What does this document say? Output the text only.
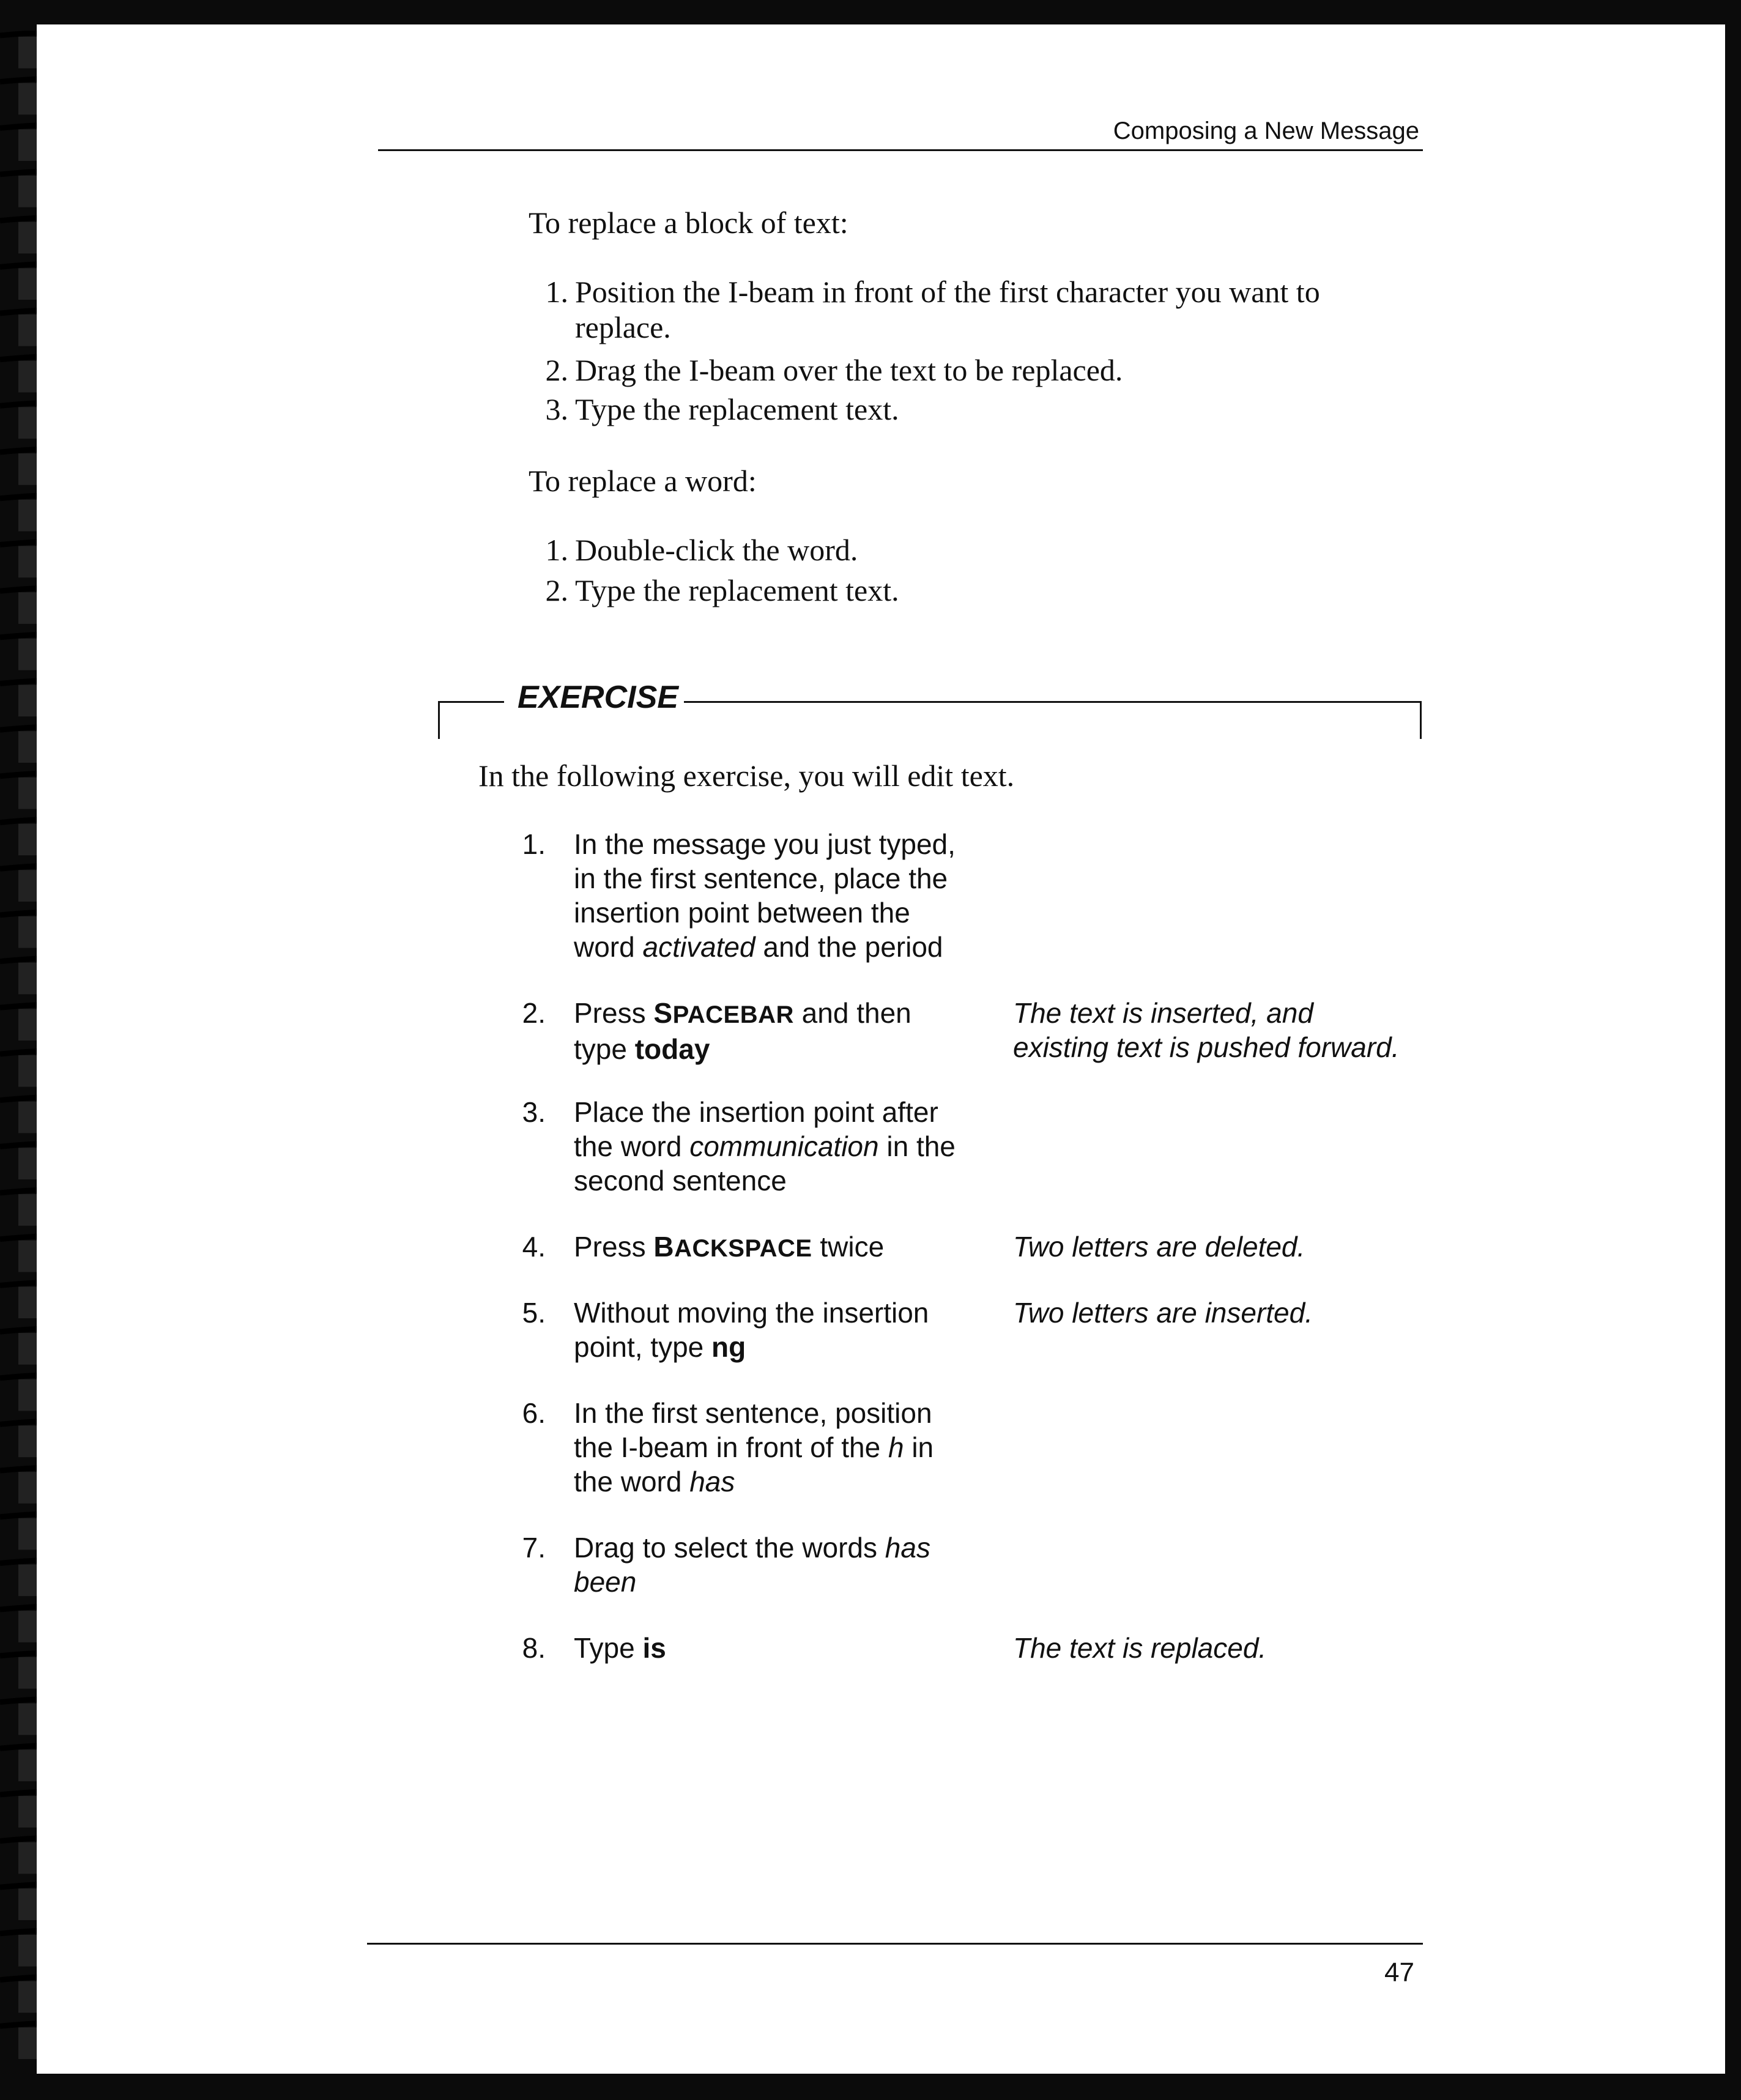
Composing a New Message
To replace a block of text:
1. Position the I-beam in front of the first character you want to
replace.
2. Drag the I-beam over the text to be replaced.
3. Type the replacement text.
To replace a word:
1. Double-click the word.
2. Type the replacement text.
EXERCISE
In the following exercise, you will edit text.
1. In the message you just typed,
in the first sentence, place the
insertion point between the
word activated and the period
2. Press SPACEBAR and then
type today
The text is inserted, and
existing text is pushed forward.
3. Place the insertion point after
the word communication in the
second sentence
4. Press BACKSPACE twice	Two letters are deleted.
5. Without moving the insertion
point, type ng
Two letters are inserted.
6. In the first sentence, position
the I-beam in front of the h in
the word has
7. Drag to select the words has
been
8. Type is	The text is replaced.
47
